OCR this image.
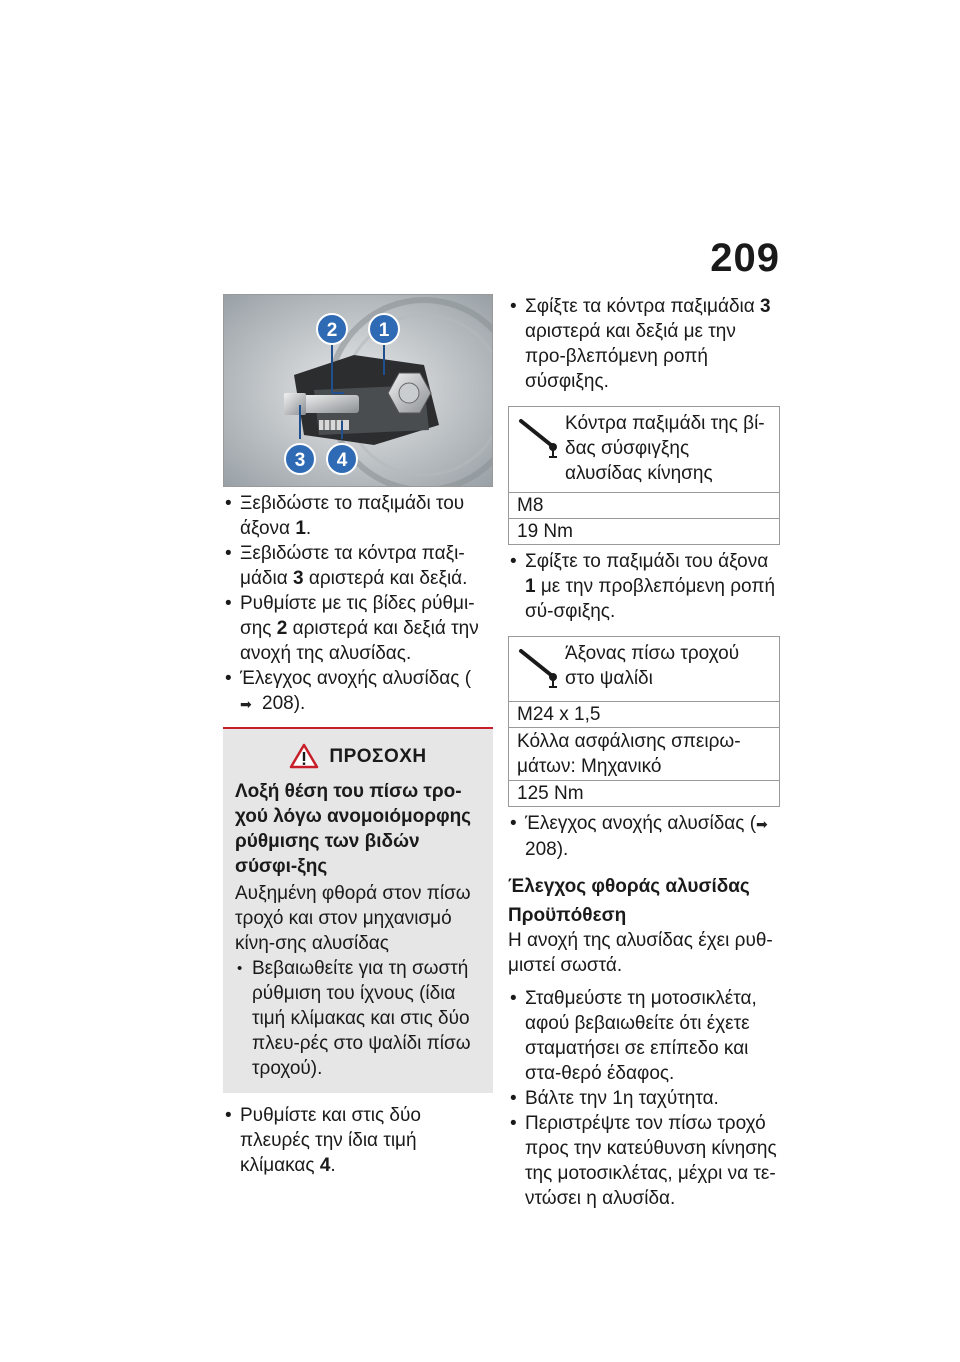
209
2 1
3 4
• Ξεβιδώστε το παξιμάδι του άξονα 1.
• Ξεβιδώστε τα κόντρα παξι-μάδια 3 αριστερά και δεξιά.
• Ρυθμίστε με τις βίδες ρύθμι-σης 2 αριστερά και δεξιά την ανοχή της αλυσίδας.
• Έλεγχος ανοχής αλυσίδας (➡ 208).
ΠΡΟΣΟΧΗ
Λοξή θέση του πίσω τρο-χού λόγω ανομοιόμορφης ρύθμισης των βιδών σύσφι-ξης
Αυξημένη φθορά στον πίσω τροχό και στον μηχανισμό κίνη-σης αλυσίδας
• Βεβαιωθείτε για τη σωστή ρύθμιση του ίχνους (ίδια τιμή κλίμακας και στις δύο πλευ-ρές στο ψαλίδι πίσω τροχού).
• Ρυθμίστε και στις δύο πλευρές την ίδια τιμή κλίμακας 4.
• Σφίξτε τα κόντρα παξιμάδια 3 αριστερά και δεξιά με την προ-βλεπόμενη ροπή σύσφιξης.
Κόντρα παξιμάδι της βί-δας σύσφιγξης αλυσίδας κίνησης
M8
19 Nm
• Σφίξτε το παξιμάδι του άξονα 1 με την προβλεπόμενη ροπή σύ-σφιξης.
Άξονας πίσω τροχού στο ψαλίδι
M24 x 1,5
Κόλλα ασφάλισης σπειρω-μάτων: Μηχανικό
125 Nm
• Έλεγχος ανοχής αλυσίδας (➡208).
Έλεγχος φθοράς αλυσίδας
Προϋπόθεση

Η ανοχή της αλυσίδας έχει ρυθ-μιστεί σωστά.

• Σταθμεύστε τη μοτοσικλέτα, αφού βεβαιωθείτε ότι έχετε σταματήσει σε επίπεδο και στα-θερό έδαφος.
• Βάλτε την 1η ταχύτητα.
• Περιστρέψτε τον πίσω τροχό προς την κατεύθυνση κίνησης της μοτοσικλέτας, μέχρι να τε-ντώσει η αλυσίδα.
